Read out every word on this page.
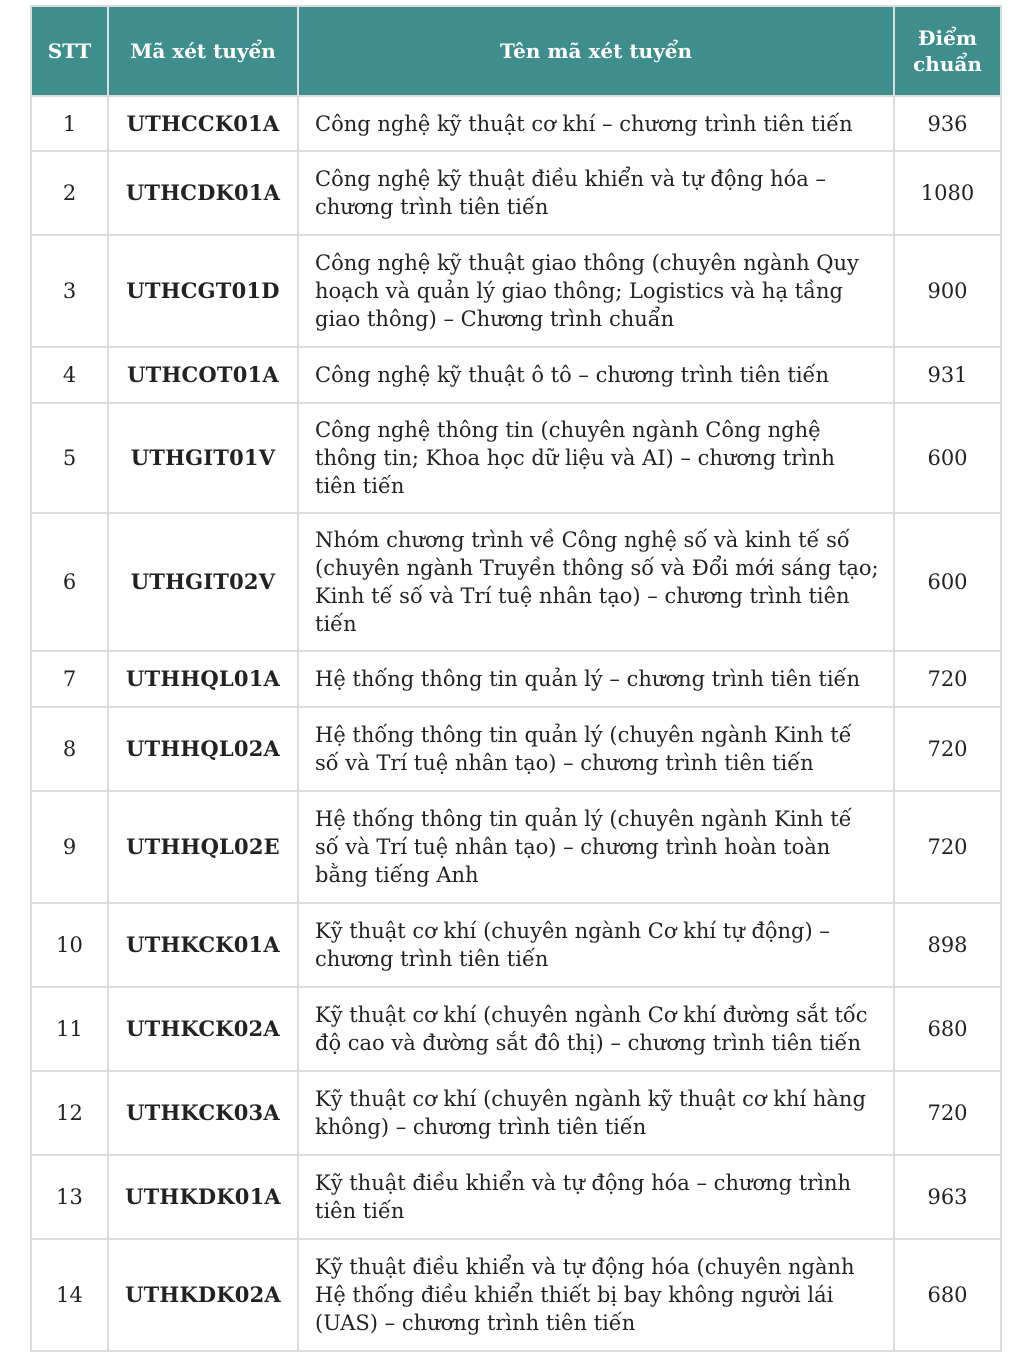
STT	Mã xét tuyển	Tên mã xét tuyển	Điểm chuẩn
1	UTHCCK01A	Công nghệ kỹ thuật cơ khí – chương trình tiên tiến	936
2	UTHCDK01A	Công nghệ kỹ thuật điều khiển và tự động hóa – chương trình tiên tiến	1080
3	UTHCGT01D	Công nghệ kỹ thuật giao thông (chuyên ngành Quy hoạch và quản lý giao thông; Logistics và hạ tầng giao thông) – Chương trình chuẩn	900
4	UTHCOT01A	Công nghệ kỹ thuật ô tô – chương trình tiên tiến	931
5	UTHGIT01V	Công nghệ thông tin (chuyên ngành Công nghệ thông tin; Khoa học dữ liệu và AI) – chương trình tiên tiến	600
6	UTHGIT02V	Nhóm chương trình về Công nghệ số và kinh tế số (chuyên ngành Truyền thông số và Đổi mới sáng tạo; Kinh tế số và Trí tuệ nhân tạo) – chương trình tiên tiến	600
7	UTHHQL01A	Hệ thống thông tin quản lý – chương trình tiên tiến	720
8	UTHHQL02A	Hệ thống thông tin quản lý (chuyên ngành Kinh tế số và Trí tuệ nhân tạo) – chương trình tiên tiến	720
9	UTHHQL02E	Hệ thống thông tin quản lý (chuyên ngành Kinh tế số và Trí tuệ nhân tạo) – chương trình hoàn toàn bằng tiếng Anh	720
10	UTHKCK01A	Kỹ thuật cơ khí (chuyên ngành Cơ khí tự động) – chương trình tiên tiến	898
11	UTHKCK02A	Kỹ thuật cơ khí (chuyên ngành Cơ khí đường sắt tốc độ cao và đường sắt đô thị) – chương trình tiên tiến	680
12	UTHKCK03A	Kỹ thuật cơ khí (chuyên ngành kỹ thuật cơ khí hàng không) – chương trình tiên tiến	720
13	UTHKDK01A	Kỹ thuật điều khiển và tự động hóa – chương trình tiên tiến	963
14	UTHKDK02A	Kỹ thuật điều khiển và tự động hóa (chuyên ngành Hệ thống điều khiển thiết bị bay không người lái (UAS) – chương trình tiên tiến	680
